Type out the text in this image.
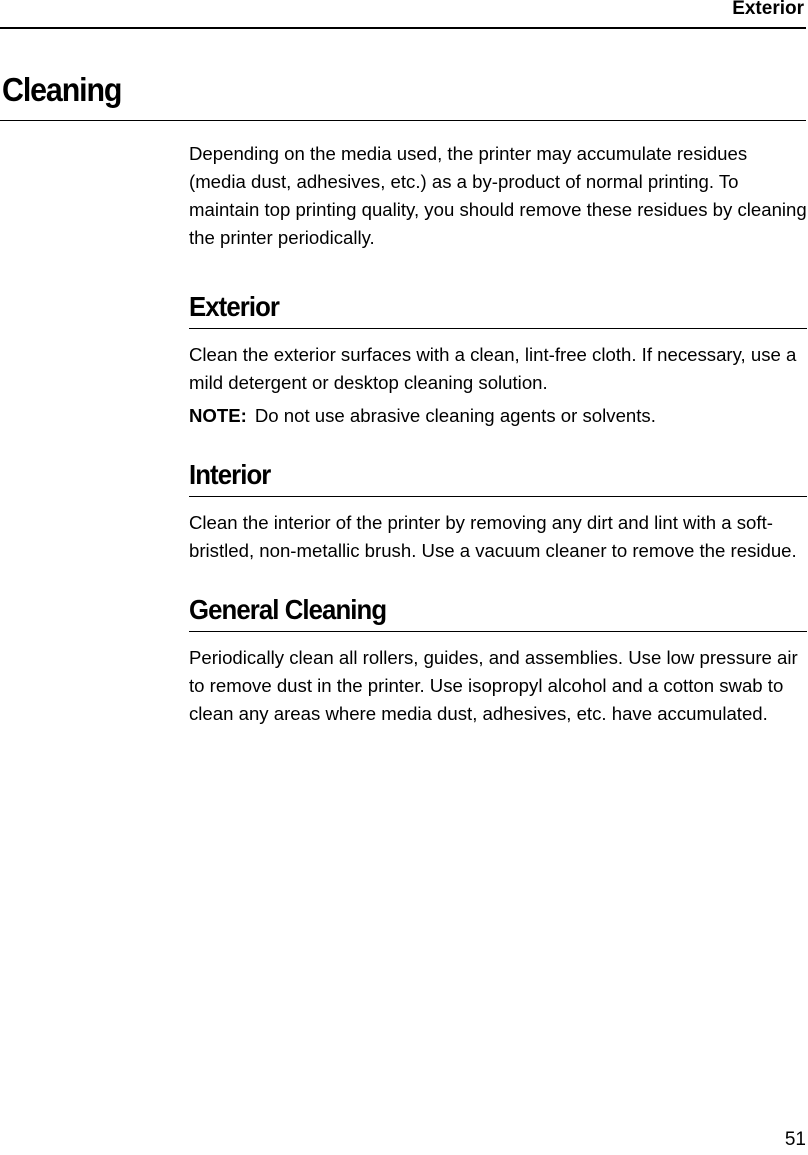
Exterior
Cleaning

Depending on the media used, the printer may accumulate residues (media dust, adhesives, etc.) as a by-product of normal printing. To maintain top printing quality, you should remove these residues by cleaning the printer periodically.

Exterior

Clean the exterior surfaces with a clean, lint-free cloth. If necessary, use a mild detergent or desktop cleaning solution.

NOTE: Do not use abrasive cleaning agents or solvents.

Interior

Clean the interior of the printer by removing any dirt and lint with a soft-bristled, non-metallic brush. Use a vacuum cleaner to remove the residue.

General Cleaning

Periodically clean all rollers, guides, and assemblies. Use low pressure air to remove dust in the printer. Use isopropyl alcohol and a cotton swab to clean any areas where media dust, adhesives, etc. have accumulated.

51
